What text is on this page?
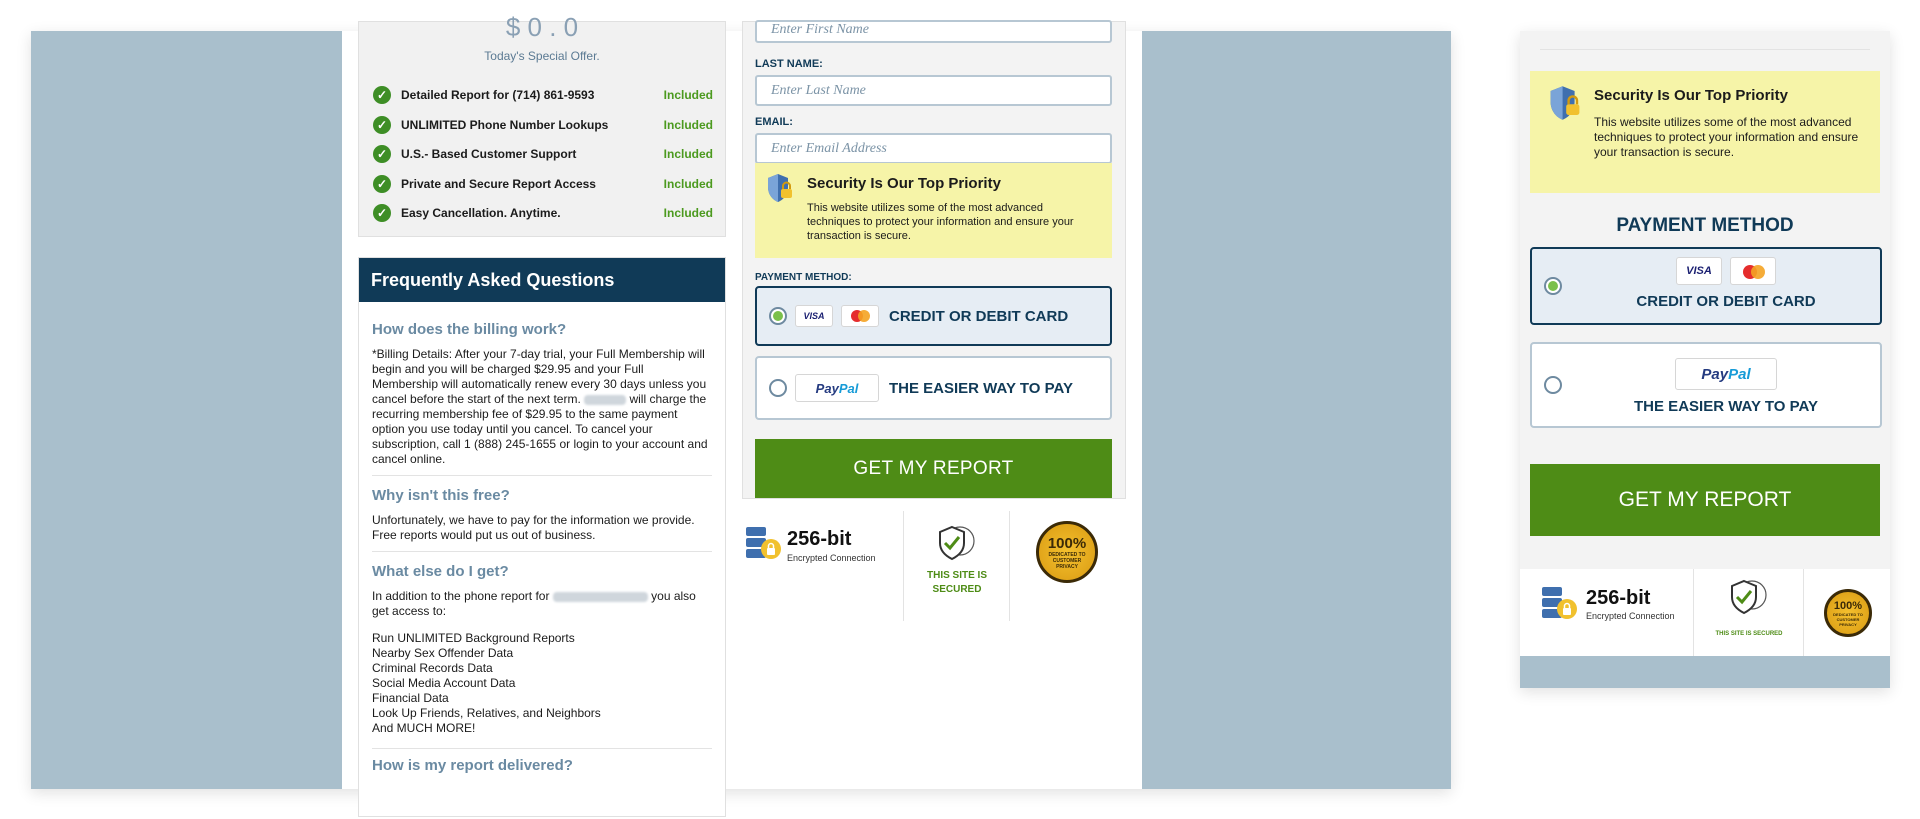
$ 0 . 0
Today's Special Offer.
✓	Detailed Report for (714) 861-9593	Included
✓	UNLIMITED Phone Number Lookups	Included
✓	U.S.- Based Customer Support	Included
✓	Private and Secure Report Access	Included
✓	Easy Cancellation. Anytime.	Included
Frequently Asked Questions
How does the billing work?
*Billing Details: After your 7-day trial, your Full Membership will begin and you will be charged $29.95 and your Full Membership will automatically renew every 30 days unless you cancel before the start of the next term.	will charge the recurring membership fee of $29.95 to the same payment option you use today until you cancel. To cancel your subscription, call 1 (888) 245-1655 or login to your account and cancel online.
Why isn't this free?
Unfortunately, we have to pay for the information we provide. Free reports would put us out of business.
What else do I get?
In addition to the phone report for	you also get access to:
Run UNLIMITED Background Reports
Nearby Sex Offender Data
Criminal Records Data
Social Media Account Data
Financial Data
Look Up Friends, Relatives, and Neighbors
And MUCH MORE!
How is my report delivered?
Enter First Name
LAST NAME:
Enter Last Name
EMAIL:
Enter Email Address
Security Is Our Top Priority
This website utilizes some of the most advanced techniques to protect your information and ensure your transaction is secure.
PAYMENT METHOD:
VISA	CREDIT OR DEBIT CARD
Pay Pal THE EASIER WAY TO PAY
GET MY REPORT
256-bit
Encrypted Connection
THIS SITE IS SECURED
100%
DEDICATED TO CUSTOMER PRIVACY
Security Is Our Top Priority
This website utilizes some of the most advanced techniques to protect your information and ensure your transaction is secure.
PAYMENT METHOD
VISA
CREDIT OR DEBIT CARD
Pay Pal
THE EASIER WAY TO PAY
GET MY REPORT
256-bit
Encrypted Connection
THIS SITE IS SECURED
100%
DEDICATED TO CUSTOMER PRIVACY
